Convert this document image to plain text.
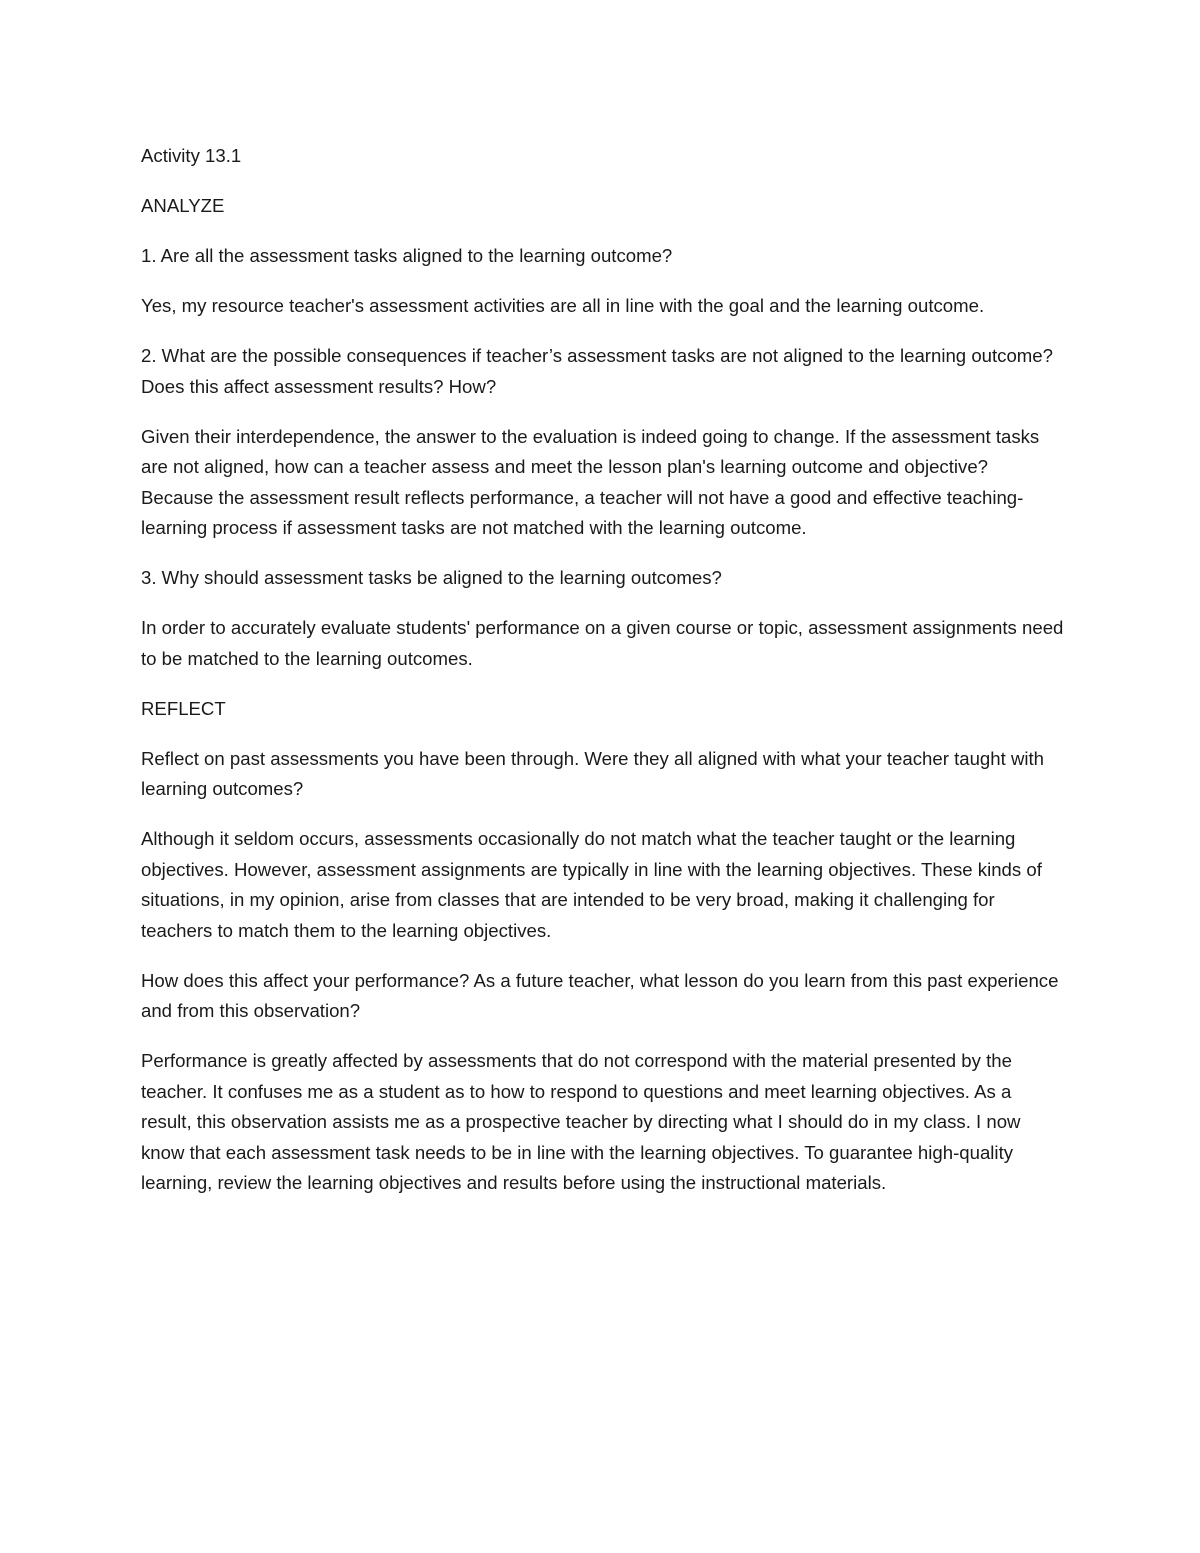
Activity 13.1

ANALYZE

1. Are all the assessment tasks aligned to the learning outcome?

Yes, my resource teacher's assessment activities are all in line with the goal and the learning outcome.

2. What are the possible consequences if teacher’s assessment tasks are not aligned to the learning outcome? Does this affect assessment results? How?

Given their interdependence, the answer to the evaluation is indeed going to change. If the assessment tasks are not aligned, how can a teacher assess and meet the lesson plan's learning outcome and objective? Because the assessment result reflects performance, a teacher will not have a good and effective teaching-learning process if assessment tasks are not matched with the learning outcome.

3. Why should assessment tasks be aligned to the learning outcomes?

In order to accurately evaluate students' performance on a given course or topic, assessment assignments need to be matched to the learning outcomes.

REFLECT

Reflect on past assessments you have been through. Were they all aligned with what your teacher taught with learning outcomes?

Although it seldom occurs, assessments occasionally do not match what the teacher taught or the learning objectives. However, assessment assignments are typically in line with the learning objectives. These kinds of situations, in my opinion, arise from classes that are intended to be very broad, making it challenging for teachers to match them to the learning objectives.

How does this affect your performance? As a future teacher, what lesson do you learn from this past experience and from this observation?

Performance is greatly affected by assessments that do not correspond with the material presented by the teacher. It confuses me as a student as to how to respond to questions and meet learning objectives. As a result, this observation assists me as a prospective teacher by directing what I should do in my class. I now know that each assessment task needs to be in line with the learning objectives. To guarantee high-quality learning, review the learning objectives and results before using the instructional materials.
